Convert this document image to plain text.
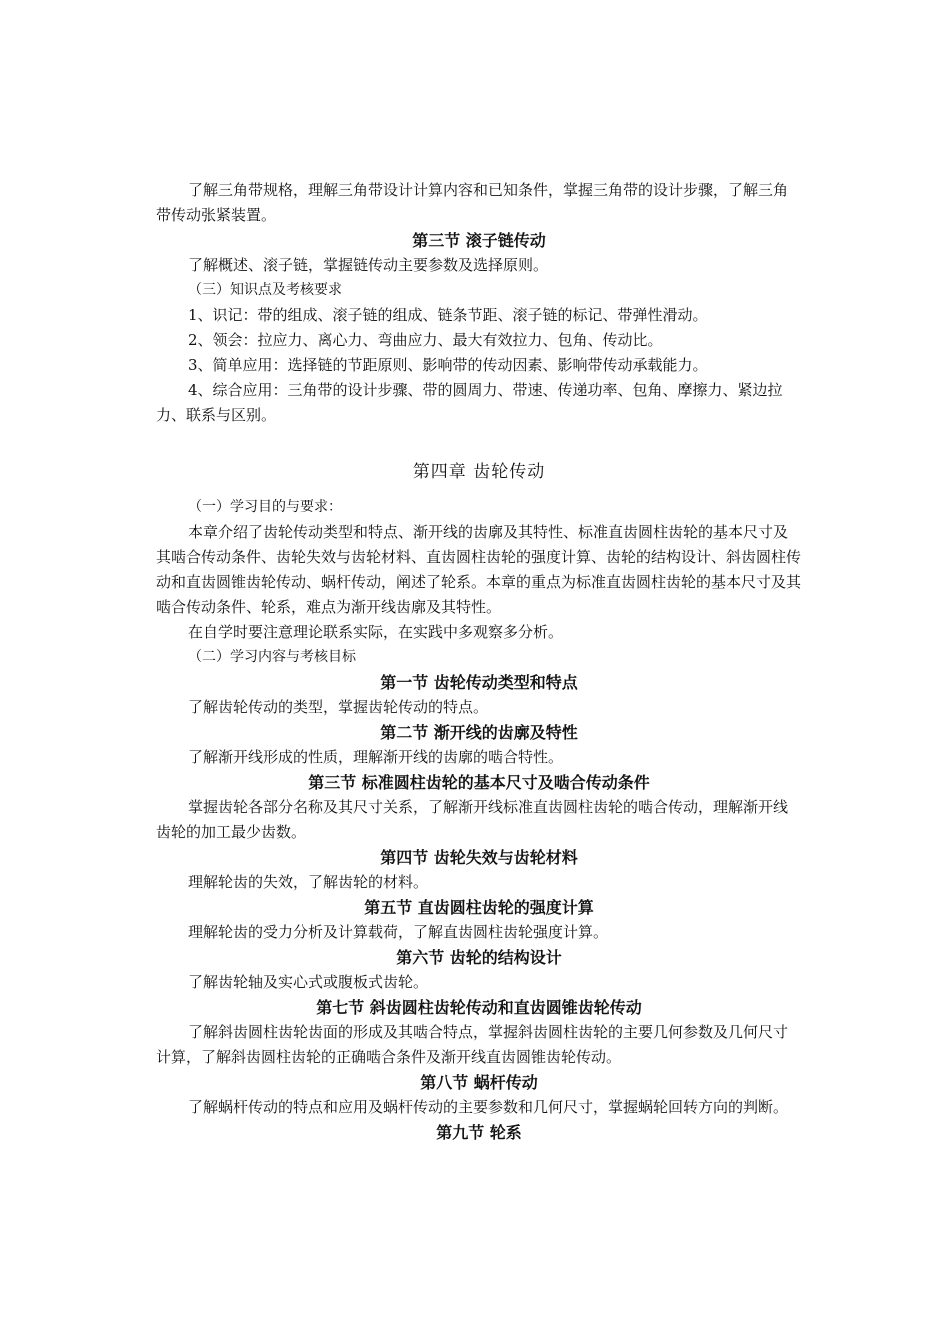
了解三角带规格，理解三角带设计计算内容和已知条件，掌握三角带的设计步骤，了解三角带传动张紧装置。

第三节 滚子链传动

了解概述、滚子链，掌握链传动主要参数及选择原则。

（三）知识点及考核要求

1、识记：带的组成、滚子链的组成、链条节距、滚子链的标记、带弹性滑动。

2、领会：拉应力、离心力、弯曲应力、最大有效拉力、包角、传动比。

3、简单应用：选择链的节距原则、影响带的传动因素、影响带传动承载能力。

4、综合应用：三角带的设计步骤、带的圆周力、带速、传递功率、包角、摩擦力、紧边拉力、联系与区别。

第四章 齿轮传动

（一）学习目的与要求：

本章介绍了齿轮传动类型和特点、渐开线的齿廓及其特性、标准直齿圆柱齿轮的基本尺寸及其啮合传动条件、齿轮失效与齿轮材料、直齿圆柱齿轮的强度计算、齿轮的结构设计、斜齿圆柱传动和直齿圆锥齿轮传动、蜗杆传动，阐述了轮系。本章的重点为标准直齿圆柱齿轮的基本尺寸及其啮合传动条件、轮系，难点为渐开线齿廓及其特性。

在自学时要注意理论联系实际，在实践中多观察多分析。

（二）学习内容与考核目标

第一节 齿轮传动类型和特点

了解齿轮传动的类型，掌握齿轮传动的特点。

第二节 渐开线的齿廓及特性

了解渐开线形成的性质，理解渐开线的齿廓的啮合特性。

第三节 标准圆柱齿轮的基本尺寸及啮合传动条件

掌握齿轮各部分名称及其尺寸关系，了解渐开线标准直齿圆柱齿轮的啮合传动，理解渐开线齿轮的加工最少齿数。

第四节 齿轮失效与齿轮材料

理解轮齿的失效，了解齿轮的材料。

第五节 直齿圆柱齿轮的强度计算

理解轮齿的受力分析及计算载荷，了解直齿圆柱齿轮强度计算。

第六节 齿轮的结构设计

了解齿轮轴及实心式或腹板式齿轮。

第七节 斜齿圆柱齿轮传动和直齿圆锥齿轮传动

了解斜齿圆柱齿轮齿面的形成及其啮合特点，掌握斜齿圆柱齿轮的主要几何参数及几何尺寸计算，了解斜齿圆柱齿轮的正确啮合条件及渐开线直齿圆锥齿轮传动。

第八节 蜗杆传动

了解蜗杆传动的特点和应用及蜗杆传动的主要参数和几何尺寸，掌握蜗轮回转方向的判断。

第九节 轮系
